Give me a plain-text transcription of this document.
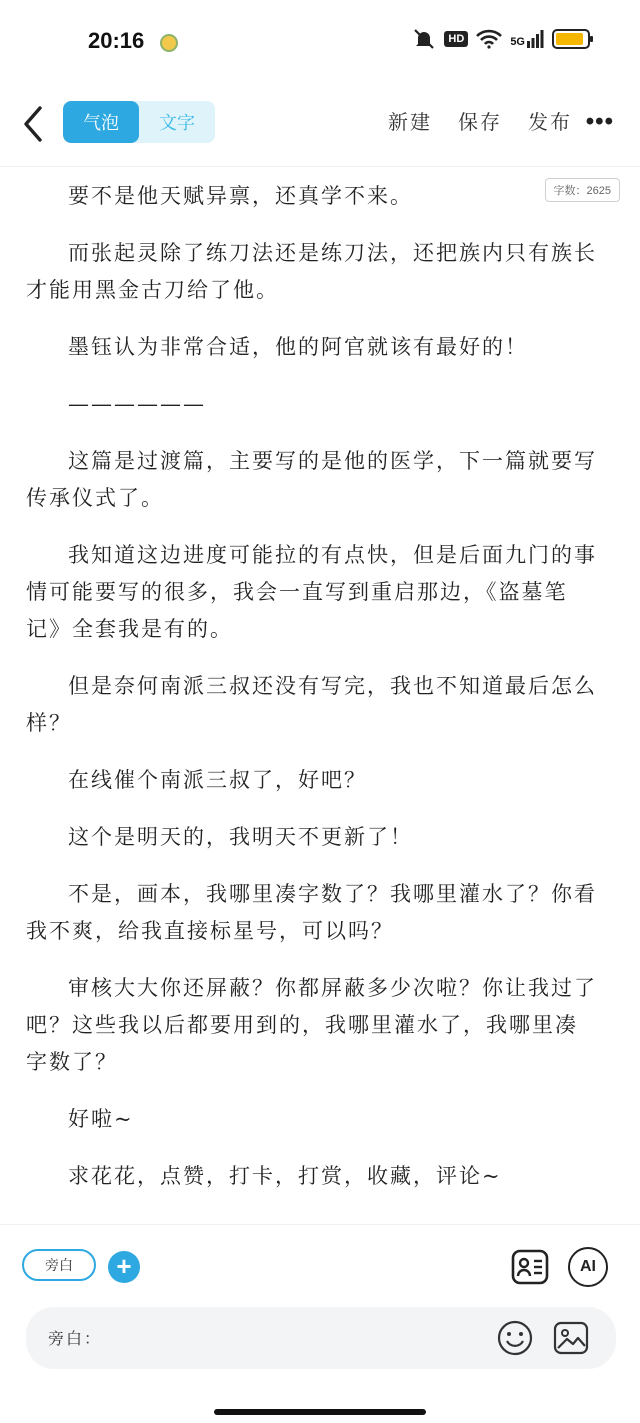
20:16	HD	5G
气泡	文字	新建 保存 发布 •••
字数：2625

要不是他天赋异禀，还真学不来。

而张起灵除了练刀法还是练刀法，还把族内只有族长才能用黑金古刀给了他。

墨钰认为非常合适，他的阿官就该有最好的！

——————

这篇是过渡篇，主要写的是他的医学，下一篇就要写传承仪式了。

我知道这边进度可能拉的有点快，但是后面九门的事情可能要写的很多，我会一直写到重启那边，《盗墓笔记》全套我是有的。

但是奈何南派三叔还没有写完，我也不知道最后怎么样？

在线催个南派三叔了，好吧？

这个是明天的，我明天不更新了！

不是，画本，我哪里凑字数了？我哪里灌水了？你看我不爽，给我直接标星号，可以吗？

审核大大你还屏蔽？你都屏蔽多少次啦？你让我过了吧？这些我以后都要用到的，我哪里灌水了，我哪里凑字数了？

好啦~

求花花，点赞，打卡，打赏，收藏，评论~

旁白	+	AI
旁白：
